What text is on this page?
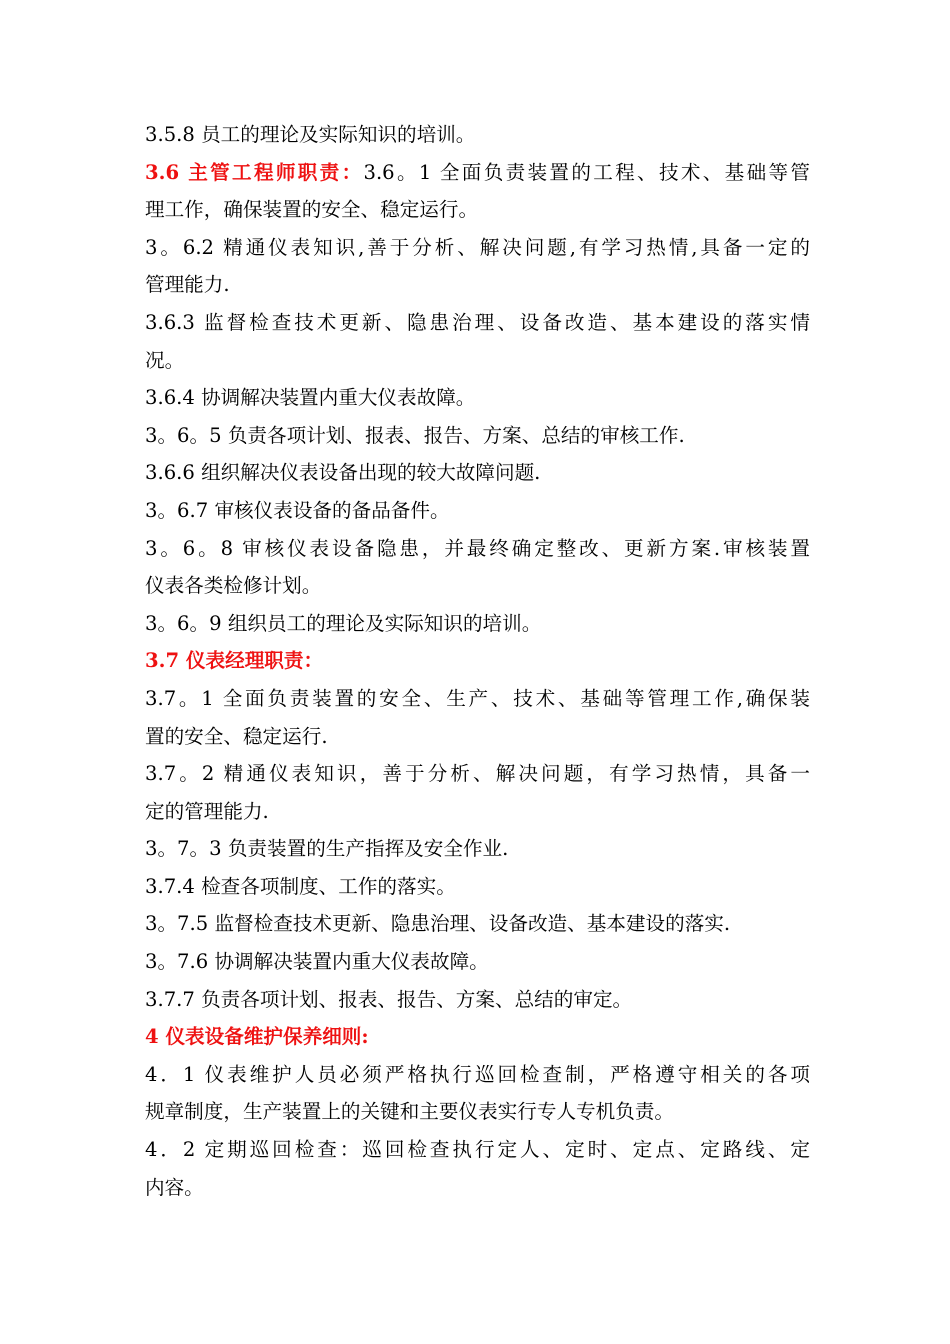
3.5.8 员工的理论及实际知识的培训。
3.6 主管工程师职责：3.6。1 全面负责装置的工程、技术、基础等管
理工作，确保装置的安全、稳定运行。
3。6.2 精通仪表知识,善于分析、解决问题,有学习热情,具备一定的
管理能力.
3.6.3 监督检查技术更新、隐患治理、设备改造、基本建设的落实情
况。
3.6.4 协调解决装置内重大仪表故障。
3。6。5 负责各项计划、报表、报告、方案、总结的审核工作.
3.6.6 组织解决仪表设备出现的较大故障问题.
3。6.7 审核仪表设备的备品备件。
3。6。8 审核仪表设备隐患，并最终确定整改、更新方案.审核装置
仪表各类检修计划。
3。6。9 组织员工的理论及实际知识的培训。
3.7 仪表经理职责：
3.7。1 全面负责装置的安全、生产、技术、基础等管理工作,确保装
置的安全、稳定运行.
3.7。2 精通仪表知识，善于分析、解决问题，有学习热情，具备一
定的管理能力.
3。7。3 负责装置的生产指挥及安全作业.
3.7.4 检查各项制度、工作的落实。
3。7.5 监督检查技术更新、隐患治理、设备改造、基本建设的落实.
3。7.6 协调解决装置内重大仪表故障。
3.7.7 负责各项计划、报表、报告、方案、总结的审定。
4 仪表设备维护保养细则:
4．1 仪表维护人员必须严格执行巡回检查制，严格遵守相关的各项
规章制度，生产装置上的关键和主要仪表实行专人专机负责。
4．2 定期巡回检查：巡回检查执行定人、定时、定点、定路线、定
内容。
